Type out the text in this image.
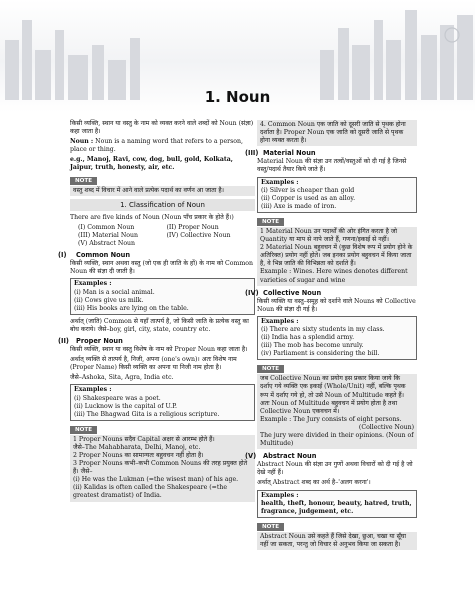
1. Noun

किसी व्यक्ति, स्थान या वस्तु के नाम को व्यक्त करने वाले शब्दों को Noun (संज्ञा) कहा जाता है।

Noun : Noun is a naming word that refers to a person, place or thing.

e.g., Manoj, Ravi, cow, dog, bull, gold, Kolkata, Jaipur, truth, honesty, air, etc.

NOTE
वस्तु शब्द में विचार में आने वाले प्रत्येक पदार्थ का वर्णन आ जाता है।
1. Classification of Noun

There are five kinds of Noun (Noun पाँच प्रकार के होते हैं।)

(I) Common Noun	(II) Proper Noun
(III) Material Noun	(IV) Collective Noun
(V) Abstract Noun
(I) Common Noun

किसी व्यक्ति, स्थान अथवा वस्तु (जो एक ही जाति के हों) के नाम को Common Noun की संज्ञा दी जाती है।

Examples :
(i) Man is a social animal.
(ii) Cows give us milk.
(iii) His books are lying on the table.

अर्थात् (जाति) Common से यहाँ तात्पर्य है, जो किसी जाति के प्रत्येक वस्तु का बोध कराये। जैसे–boy, girl, city, state, country etc.

(II) Proper Noun

किसी व्यक्ति, स्थान या वस्तु विशेष के नाम को Proper Noun कहा जाता है।

अर्थात् व्यक्ति से तात्पर्य है, निजी, अपना (one's own)। अतः विशेष नाम (Proper Name) किसी व्यक्ति का अपना या निजी नाम होता है।

जैसे–Ashoka, Sita, Agra, India etc.

Examples :
(i) Shakespeare was a poet.
(ii) Lucknow is the capital of U.P.
(iii) The Bhagwad Gita is a religious scripture.
NOTE
1 Proper Nouns सदैव Capital अक्षर से आरम्भ होते हैं।
जैसे–The Mahabharata, Delhi, Manoj, etc.
2 Proper Nouns का सामान्यतः बहुवचन नहीं होता है।
3 Proper Nouns कभी–कभी Common Nouns की तरह प्रयुक्त होते हैं। जैसे–
(i) He was the Lukman (=the wisest man) of his age.
(ii) Kalidas is often called the Shakespeare (=the greatest dramatist) of India.
4. Common Noun एक जाति को दूसरी जाति से पृथक होना दर्शाता है। Proper Noun एक जाति को दूसरी जाति से पृथक होना व्यक्त करता है।
(III) Material Noun

Material Noun की संज्ञा उन तत्वों/वस्तुओं को दी गई है जिनसे वस्तु/पदार्थ तैयार किये जाते हैं।

Examples :
(i) Silver is cheaper than gold
(ii) Copper is used as an alloy.
(iii) Axe is made of iron.
NOTE
1 Material Noun उन पदार्थों की ओर इंगित करता है जो Quantity या माप से नापे जाते हैं, गणना/इकाई से नहीं।
2 Material Noun बहुवचन में (कुछ विशेष रूप में प्रयोग होने के अतिरिक्त) प्रयोग नहीं होते। जब इनका प्रयोग बहुवचन में किया जाता है, वे भिन्न जाति की विभिन्नता को दर्शाते हैं।
Example : Wines. Here wines denotes different varieties of sugar and wine
(IV) Collective Noun

किसी व्यक्ति या वस्तु–समूह को दर्शाने वाले Nouns को Collective Noun की संज्ञा दी गई है।

Examples :
(i) There are sixty students in my class.
(ii) India has a splendid army.
(iii) The mob has become unruly.
(iv) Parliament is considering the bill.
NOTE
जब Collective Noun का प्रयोग इस प्रकार किया जाये कि दर्शाए गये व्यक्ति एक इकाई (Whole/Unit) नहीं, बल्कि पृथक रूप में दर्शाए गये हो, तो उसे Noun of Multitude कहते हैं। अतः Noun of Multitude बहुवचन में प्रयोग होता है तथा Collective Noun एकवचन में।
Example : The Jury consists of eight persons.
(Collective Noun)
The jury were divided in their opinions. (Noun of Multitude)
(V) Abstract Noun

Abstract Noun की संज्ञा उन गुणों अथवा विचारों को दी गई है जो देखे नहीं हैं।

अर्थात् Abstract शब्द का अर्थ है–'अलग करना'।

Examples :
health, theft, honour, beauty, hatred, truth, fragrance, judgement, etc.
NOTE
Abstract Noun उसे कहते हैं जिसे देखा, छुआ, चखा या सूँघा नहीं जा सकता, परन्तु जो विचार से अनुभव किया जा सकता है।
